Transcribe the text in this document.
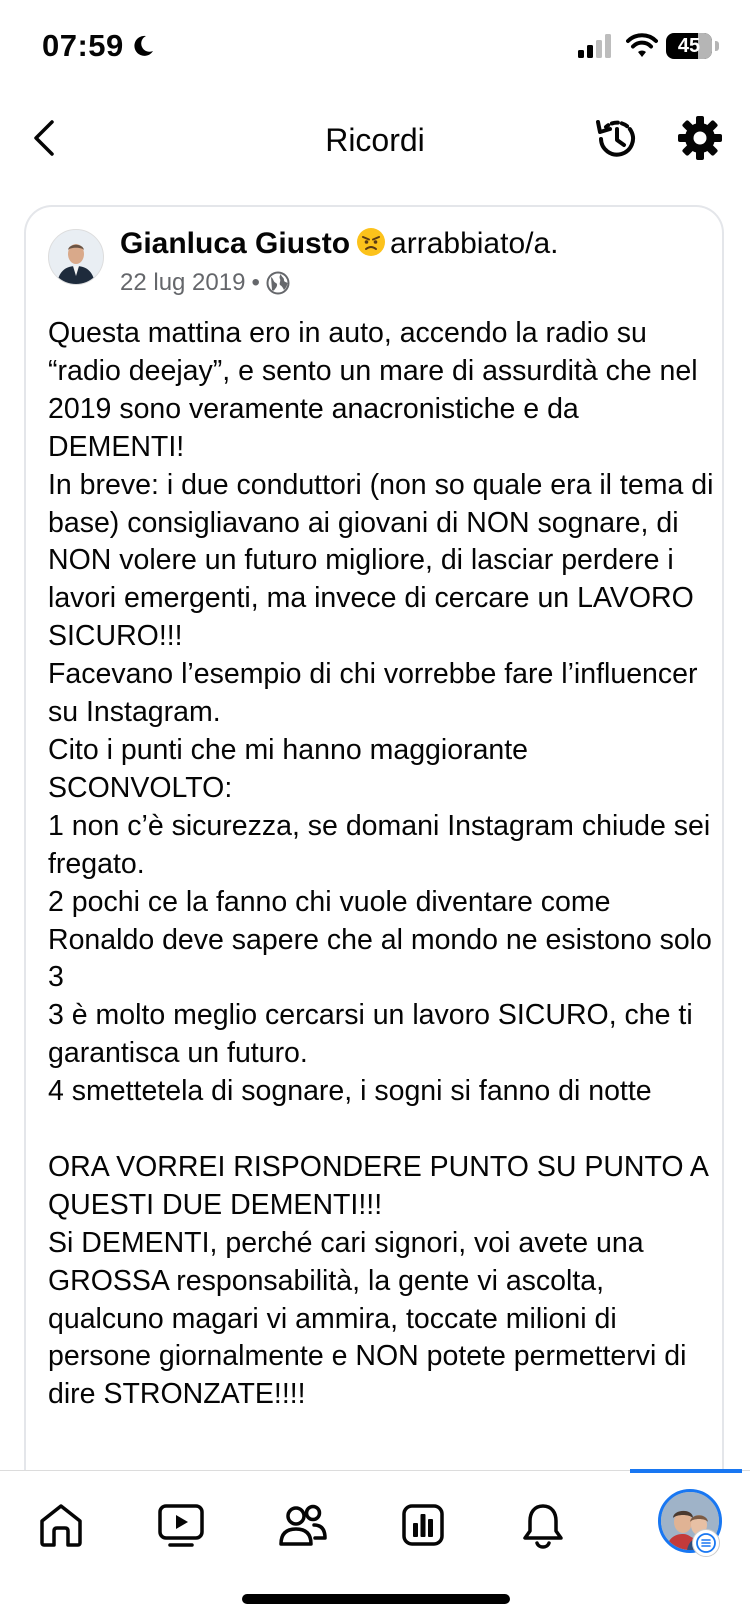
07:59	45
Ricordi
Gianluca Giusto arrabbiato/a.
22 lug 2019 •

Questa mattina ero in auto, accendo la radio su “radio deejay”, e sento un mare di assurdità che nel 2019 sono veramente anacronistiche e da DEMENTI!
In breve: i due conduttori (non so quale era il tema di base) consigliavano ai giovani di NON sognare, di NON volere un futuro migliore, di lasciar perdere i lavori emergenti, ma invece di cercare un LAVORO SICURO!!!
Facevano l’esempio di chi vorrebbe fare l’influencer su Instagram.
Cito i punti che mi hanno maggiorante SCONVOLTO:
1 non c’è sicurezza, se domani Instagram chiude sei fregato.
2 pochi ce la fanno chi vuole diventare come Ronaldo deve sapere che al mondo ne esistono solo 3
3 è molto meglio cercarsi un lavoro SICURO, che ti garantisca un futuro.
4 smettetela di sognare, i sogni si fanno di notte

ORA VORREI RISPONDERE PUNTO SU PUNTO A QUESTI DUE DEMENTI!!!
Si DEMENTI, perché cari signori, voi avete una GROSSA responsabilità, la gente vi ascolta, qualcuno magari vi ammira, toccate milioni di persone giornalmente e NON potete permettervi di dire STRONZATE!!!!
